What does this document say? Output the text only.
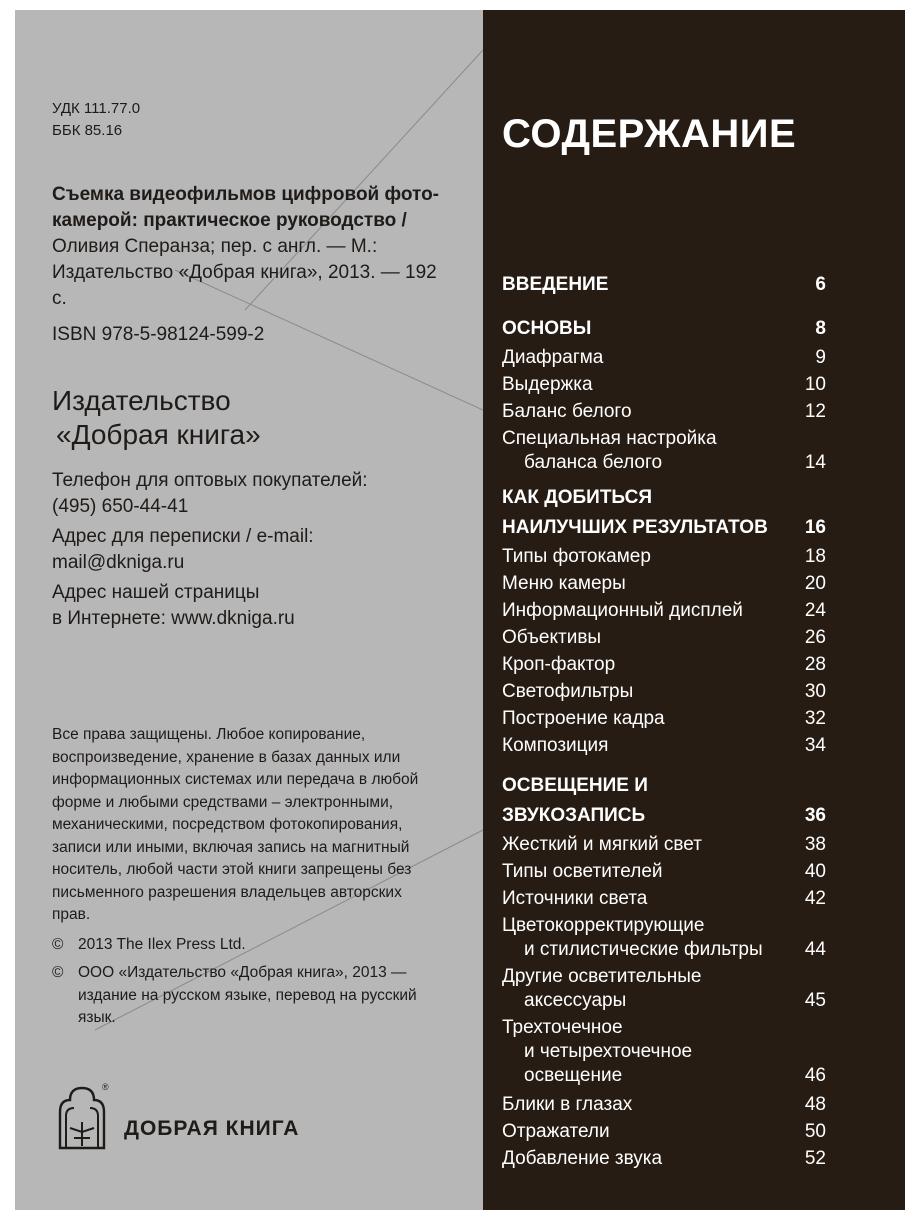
УДК 111.77.0
ББК 85.16
Съемка видеофильмов цифровой фото-камерой: практическое руководство / Оливия Сперанза; пер. с англ. — М.: Издательство «Добрая книга», 2013. — 192 с.
ISBN 978-5-98124-599-2
Издательство
«Добрая книга»
Телефон для оптовых покупателей:
(495) 650-44-41
Адрес для переписки / e-mail:
mail@dkniga.ru
Адрес нашей страницы
в Интернете: www.dkniga.ru
Все права защищены. Любое копирование, воспроизведение, хранение в базах данных или информационных системах или передача в любой форме и любыми средствами – электронными, механическими, посредством фотокопирования, записи или иными, включая запись на магнитный носитель, любой части этой книги запрещены без письменного разрешения владельцев авторских прав.
© 2013 The Ilex Press Ltd.
© ООО «Издательство «Добрая книга», 2013 — издание на русском языке, перевод на русский язык.
®
ДОБРАЯ КНИГА
СОДЕРЖАНИЕ
ВВЕДЕНИЕ	6
ОСНОВЫ	8
Диафрагма	9
Выдержка	10
Баланс белого	12
Специальная настройка
баланса белого	14
КАК ДОБИТЬСЯ
НАИЛУЧШИХ РЕЗУЛЬТАТОВ	16
Типы фотокамер	18
Меню камеры	20
Информационный дисплей	24
Объективы	26
Кроп-фактор	28
Светофильтры	30
Построение кадра	32
Композиция	34
ОСВЕЩЕНИЕ И ЗВУКОЗАПИСЬ	36
Жесткий и мягкий свет	38
Типы осветителей	40
Источники света	42
Цветокорректирующие
и стилистические фильтры	44
Другие осветительные
аксессуары	45
Трехточечное
и четырехточечное освещение	46
Блики в глазах	48
Отражатели	50
Добавление звука	52
